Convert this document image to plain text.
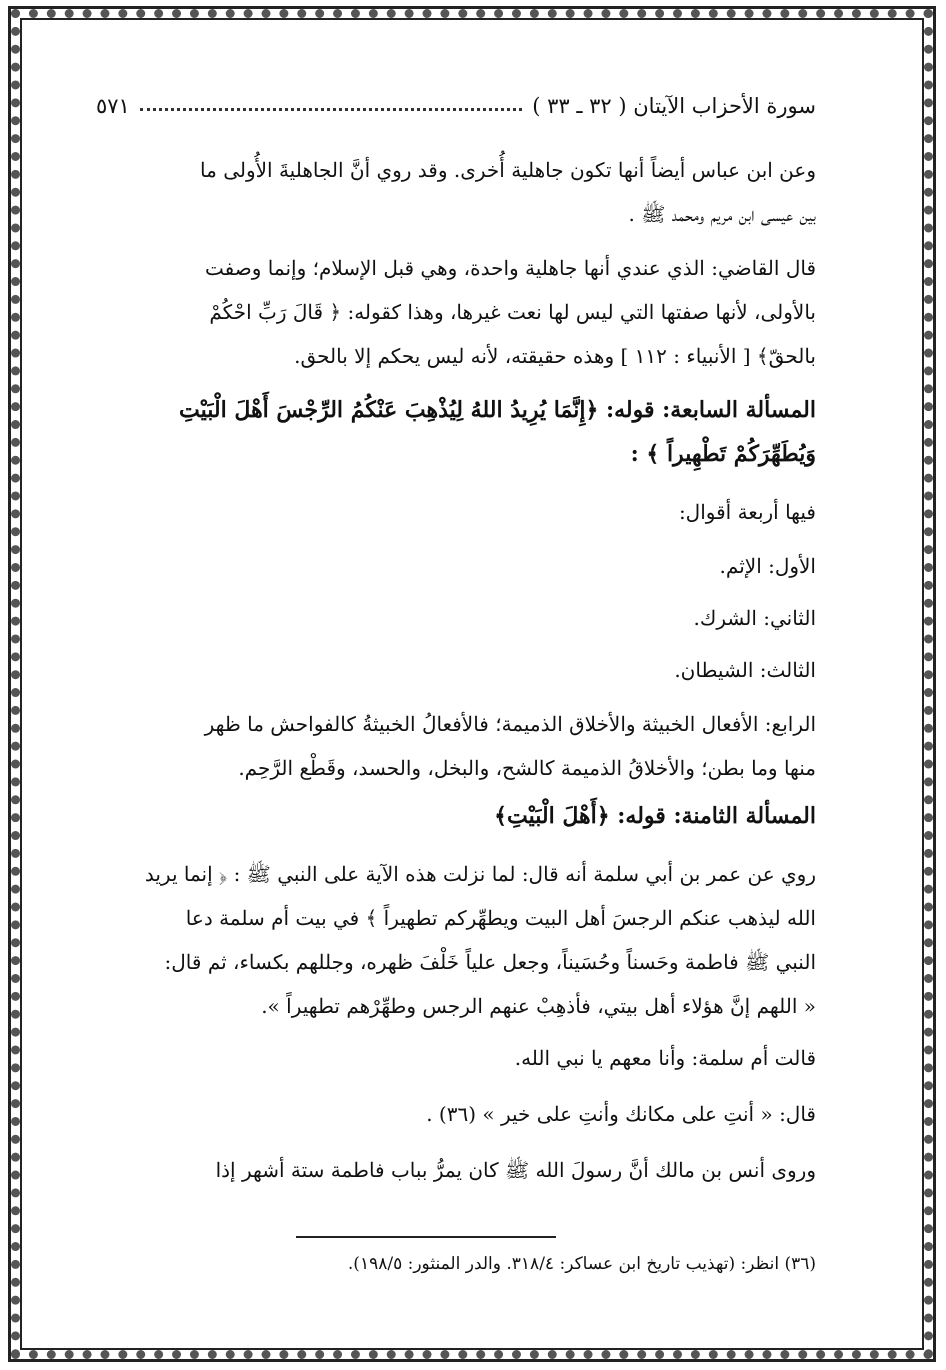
سورة الأحزاب الآيتان ( ٣٢ ـ ٣٣ )
٥٧١
وعن ابن عباس أيضاً أنها تكون جاهلية أُخرى. وقد روي أنَّ الجاهليةَ الأُولى ما
بين عيسى ابن مريم ومحمد ﷺ .
قال القاضي: الذي عندي أنها جاهلية واحدة، وهي قبل الإسلام؛ وإنما وصفت
بالأولى، لأنها صفتها التي ليس لها نعت غيرها، وهذا كقوله: ﴿ قَالَ رَبِّ احْكُمْ
بالحقّ﴾ [ الأنبياء : ١١٢ ] وهذه حقيقته، لأنه ليس يحكم إلا بالحق.
المسألة السابعة: قوله: ﴿إِنَّمَا يُرِيدُ اللهُ لِيُذْهِبَ عَنْكُمُ الرِّجْسَ أَهْلَ الْبَيْتِ
وَيُطَهِّرَكُمْ تَطْهِيراً ﴾ :
فيها أربعة أقوال:
الأول: الإثم.
الثاني: الشرك.
الثالث: الشيطان.
الرابع: الأفعال الخبيثة والأخلاق الذميمة؛ فالأفعالُ الخبيثةُ كالفواحش ما ظهر
منها وما بطن؛ والأخلاقُ الذميمة كالشح، والبخل، والحسد، وقَطْع الرَّحِم.
المسألة الثامنة: قوله: ﴿أَهْلَ الْبَيْتِ﴾
روي عن عمر بن أبي سلمة أنه قال: لما نزلت هذه الآية على النبي ﷺ : ﴿ إنما يريد
الله ليذهب عنكم الرجسَ أهل البيت ويطهِّركم تطهيراً ﴾ في بيت أم سلمة دعا
النبي ﷺ فاطمة وحَسناً وحُسَيناً، وجعل علياً خَلْفَ ظهره، وجللهم بكساء، ثم قال:
« اللهم إنَّ هؤلاء أهل بيتي، فأذهِبْ عنهم الرجس وطهِّرْهم تطهيراً ».
قالت أم سلمة: وأنا معهم يا نبي الله.
قال: « أنتِ على مكانك وأنتِ على خير » (٣٦) .
وروى أنس بن مالك أنَّ رسولَ الله ﷺ كان يمرُّ بباب فاطمة ستة أشهر إذا
(٣٦) انظر: (تهذيب تاريخ ابن عساكر: ٣١٨/٤. والدر المنثور: ١٩٨/٥).
